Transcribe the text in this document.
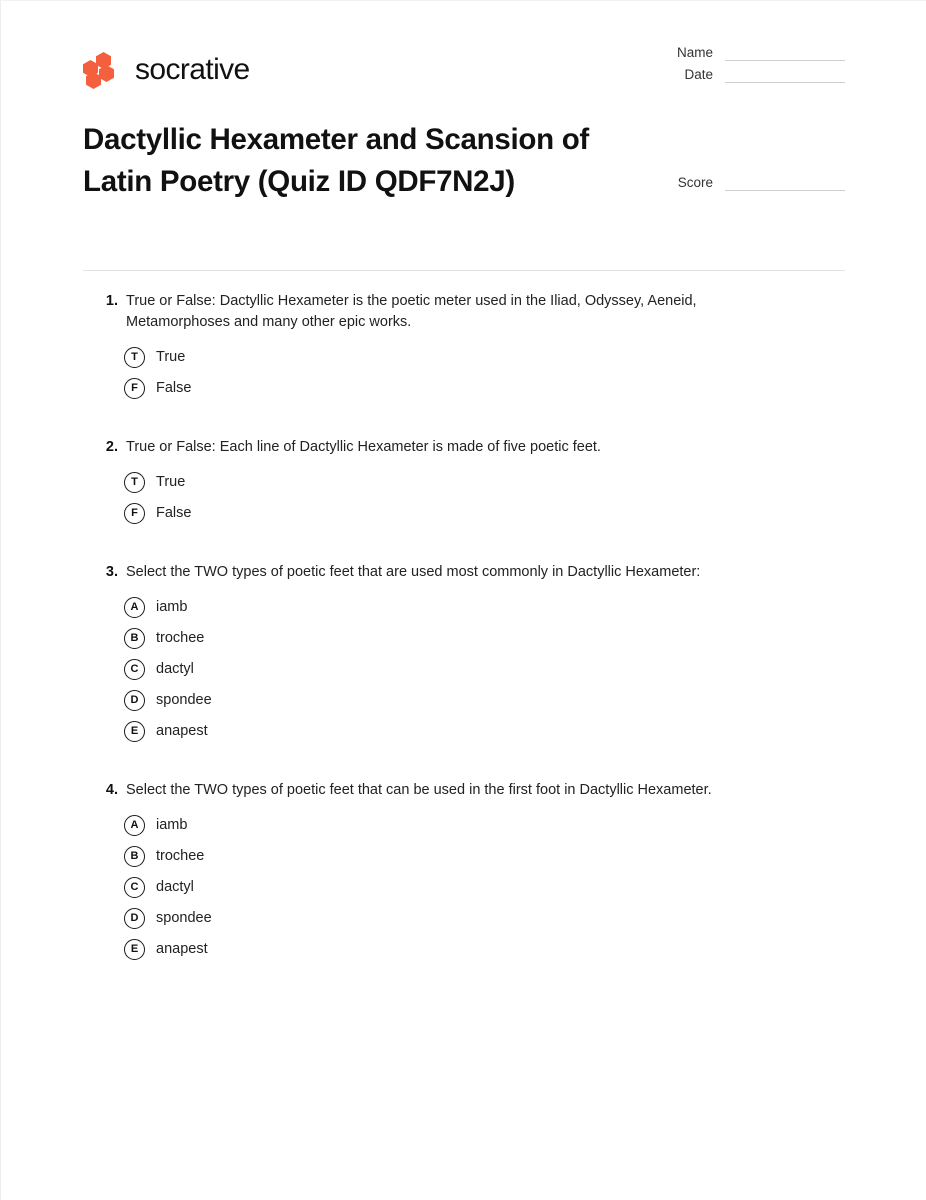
socrative
Name
Date
Dactyllic Hexameter and Scansion of Latin Poetry (Quiz ID QDF7N2J)	Score
1. True or False: Dactyllic Hexameter is the poetic meter used in the Iliad, Odyssey, Aeneid, Metamorphoses and many other epic works.
T	True
F	False
2. True or False: Each line of Dactyllic Hexameter is made of five poetic feet.
T	True
F	False
3. Select the TWO types of poetic feet that are used most commonly in Dactyllic Hexameter:
A	iamb
B	trochee
C	dactyl
D	spondee
E	anapest
4. Select the TWO types of poetic feet that can be used in the first foot in Dactyllic Hexameter.
A	iamb
B	trochee
C	dactyl
D	spondee
E	anapest
